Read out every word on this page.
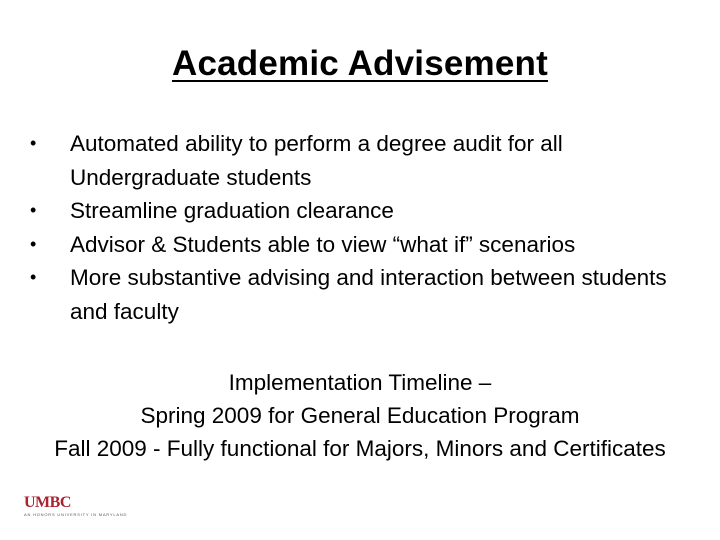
Academic Advisement
•	Automated ability to perform a degree audit for all Undergraduate students
•	Streamline graduation clearance
•	Advisor & Students able to view “what if” scenarios
•	More substantive advising and interaction between students and faculty
Implementation Timeline –
Spring 2009 for General Education Program
Fall 2009 - Fully functional for Majors, Minors and Certificates
UMBC
AN HONORS UNIVERSITY IN MARYLAND
